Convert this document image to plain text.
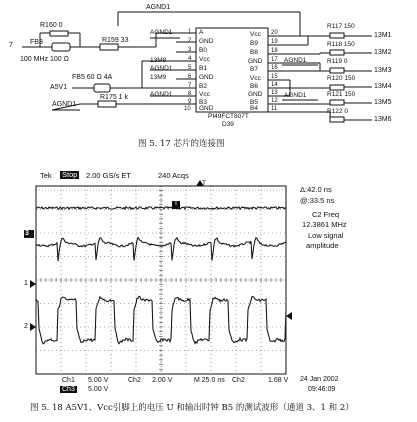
AGND1
R160 0
7 FB3
100 MHz 100 Ω
R159 33
FB5 60 Ω 4A
A5V1
AGND1
R175 1 k
AGND1
13M8
AGND1
13M9
AGND1
1
2
3
4
5
6
7
8
9
10
A
GND
B0
Vcc
B1
GND
B2
Vcc
B3
GND
Vcc
B9
B8
GND
B7
Vcc
B6
GND
B5
B4
20
19
18
17
16
15
14
13
12
11
AGND1
AGND1
PI49FCT807T
D39
R117 150
R118 150
R119 0
R120 150
R121 150
R122 0
13M1
13M2
13M3
13M4
13M5
13M6
图 5. 17 芯片的连接图
Tek Stop 2.00 GS/s ET	240 Acqs
T
T
Δ:42.0 ns
@:33.5 ns
C2 Freq
12.3861 MHz
Low signal
amplitude
3
1
2
Ch1 5.00 V	Ch2 2.00 V	M 25.0 ns Ch2	1.68 V
Ch3 5.00 V
24 Jan 2002
09:46:09
图 5. 18 A5V1、Vcc引脚上的电压 U 和输出时钟 B5 的测试波形（通道 3、1 和 2）
